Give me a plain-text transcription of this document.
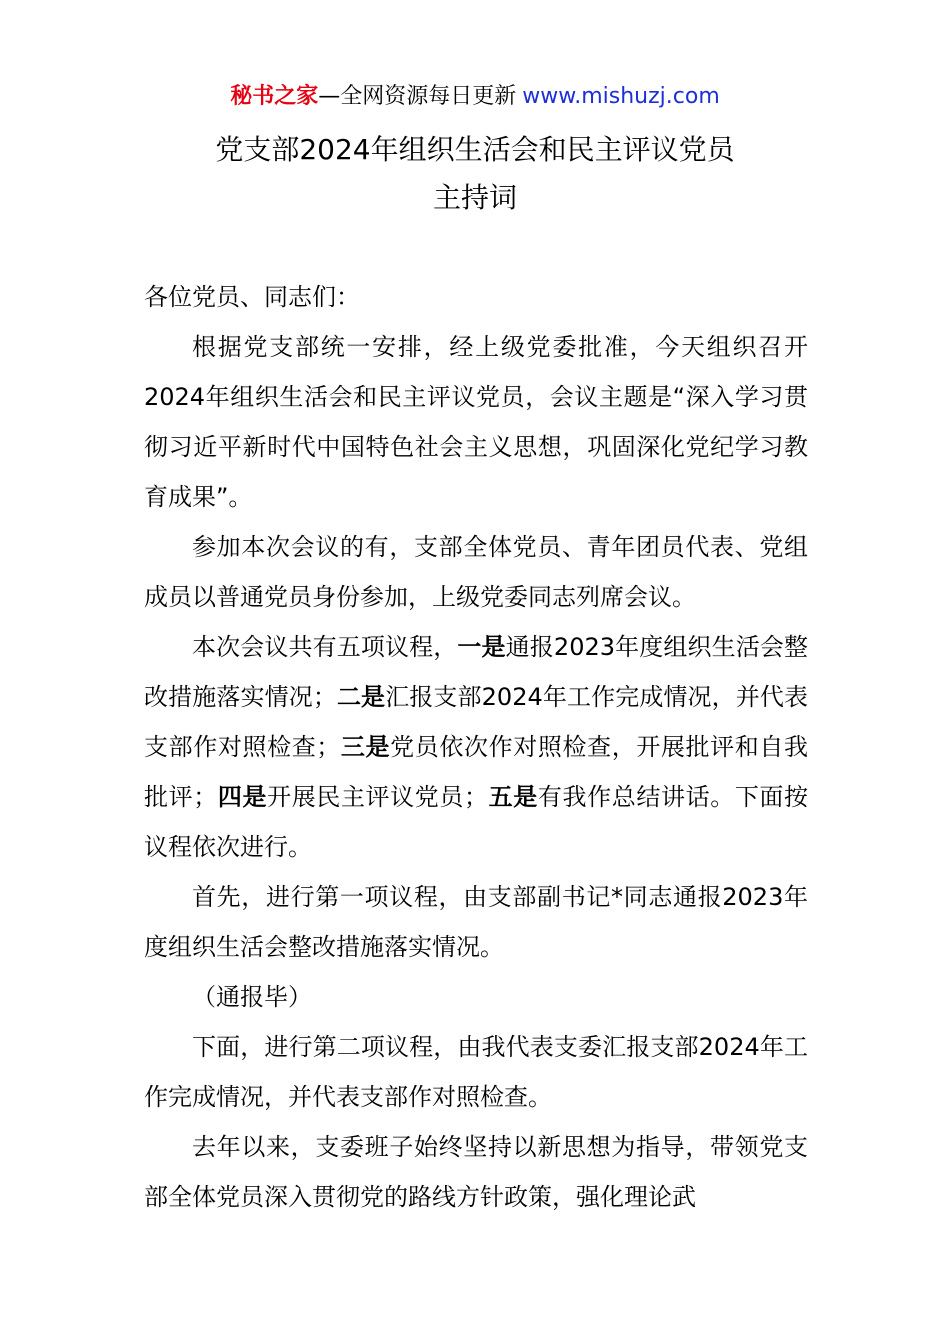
秘书之家—全网资源每日更新 www.mishuzj.com
党支部2024年组织生活会和民主评议党员
主持词

各位党员、同志们：

根据党支部统一安排，经上级党委批准，今天组织召开2024年组织生活会和民主评议党员，会议主题是“深入学习贯彻习近平新时代中国特色社会主义思想，巩固深化党纪学习教育成果”。

参加本次会议的有，支部全体党员、青年团员代表、党组成员以普通党员身份参加，上级党委同志列席会议。

本次会议共有五项议程，一是通报2023年度组织生活会整改措施落实情况；二是汇报支部2024年工作完成情况，并代表支部作对照检查；三是党员依次作对照检查，开展批评和自我批评；四是开展民主评议党员；五是有我作总结讲话。下面按议程依次进行。

首先，进行第一项议程，由支部副书记*同志通报2023年度组织生活会整改措施落实情况。

（通报毕）

下面，进行第二项议程，由我代表支委汇报支部2024年工作完成情况，并代表支部作对照检查。

去年以来，支委班子始终坚持以新思想为指导，带领党支部全体党员深入贯彻党的路线方针政策，强化理论武
